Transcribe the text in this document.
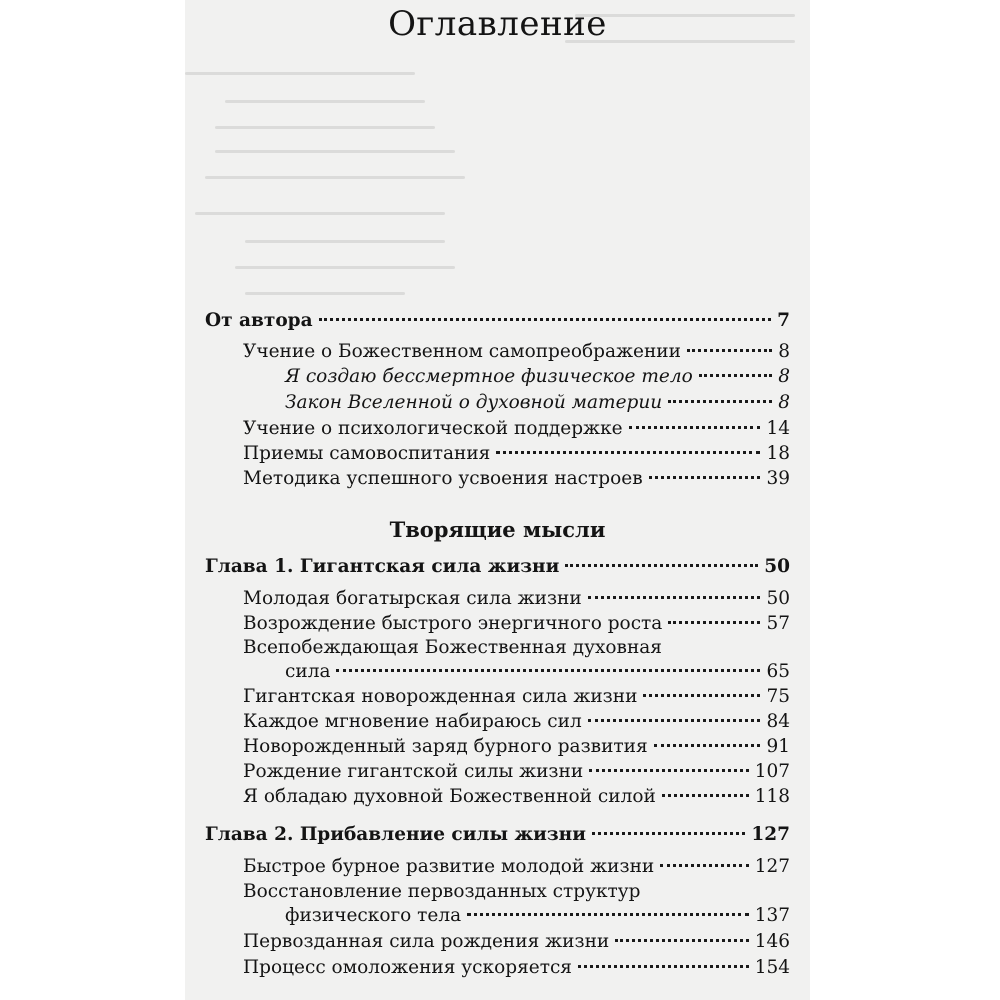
Оглавление
От автора	7
Учение о Божественном самопреображении	8
Я создаю бессмертное физическое тело	8
Закон Вселенной о духовной материи	8
Учение о психологической поддержке	14
Приемы самовоспитания	18
Методика успешного усвоения настроев	39
Творящие мысли
Глава 1. Гигантская сила жизни	50
Молодая богатырская сила жизни	50
Возрождение быстрого энергичного роста	57
Всепобеждающая Божественная духовная
сила	65
Гигантская новорожденная сила жизни	75
Каждое мгновение набираюсь сил	84
Новорожденный заряд бурного развития	91
Рождение гигантской силы жизни	107
Я обладаю духовной Божественной силой	118
Глава 2. Прибавление силы жизни	127
Быстрое бурное развитие молодой жизни	127
Восстановление первозданных структур
физического тела	137
Первозданная сила рождения жизни	146
Процесс омоложения ускоряется	154
